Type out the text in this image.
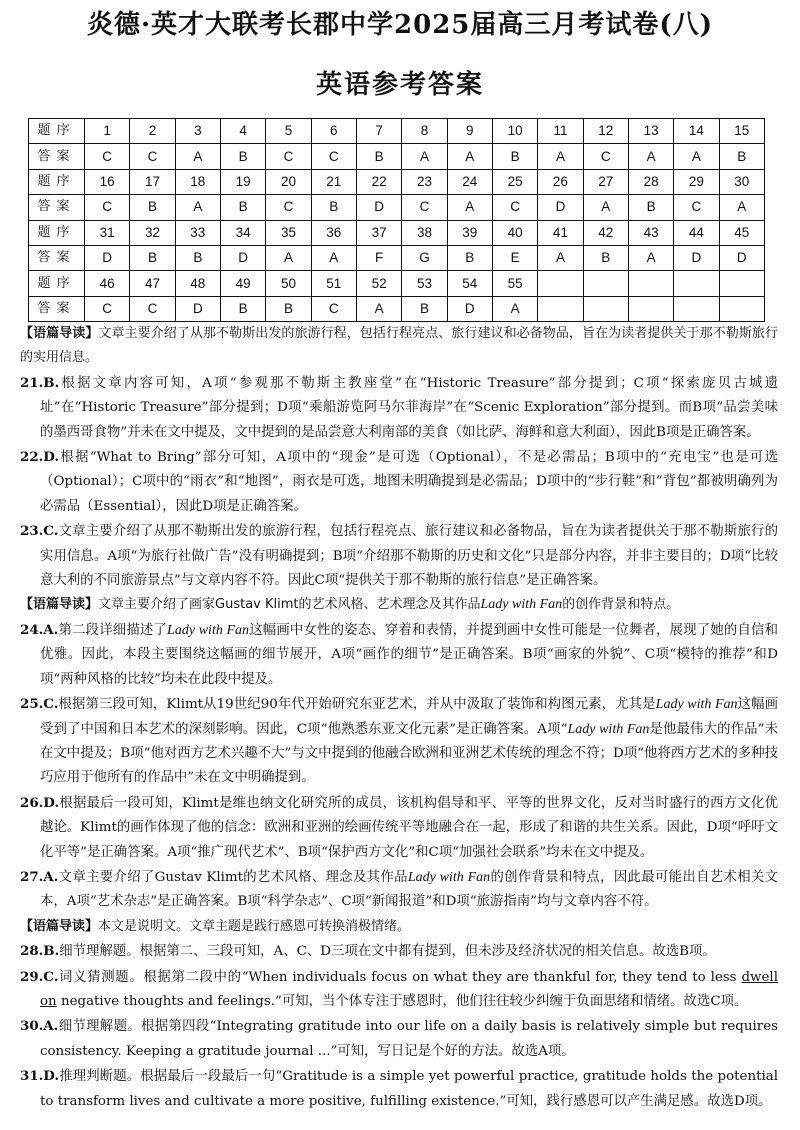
炎德·英才大联考长郡中学2025届高三月考试卷(八)
英语参考答案
题序	1	2	3	4	5	6	7	8	9	10	11	12	13	14	15
答案	C	C	A	B	C	C	B	A	A	B	A	C	A	A	B
题序	16	17	18	19	20	21	22	23	24	25	26	27	28	29	30
答案	C	B	A	B	C	B	D	C	A	C	D	A	B	C	A
题序	31	32	33	34	35	36	37	38	39	40	41	42	43	44	45
答案	D	B	B	D	A	A	F	G	B	E	A	B	A	D	D
题序	46	47	48	49	50	51	52	53	54	55					
答案	C	C	D	B	B	C	A	B	D	A					
【语篇导读】文章主要介绍了从那不勒斯出发的旅游行程，包括行程亮点、旅行建议和必备物品，旨在为读者提供关于那不勒斯旅行的实用信息。
21.B.根据文章内容可知，A项“参观那不勒斯主教座堂”在“Historic Treasure”部分提到；C项“探索庞贝古城遗址”在“Historic Treasure”部分提到；D项“乘船游览阿马尔菲海岸”在“Scenic Exploration”部分提到。而B项“品尝美味的墨西哥食物”并未在文中提及，文中提到的是品尝意大利南部的美食（如比萨、海鲜和意大利面），因此B项是正确答案。
22.D.根据“What to Bring”部分可知，A项中的“现金”是可选（Optional），不是必需品；B项中的“充电宝”也是可选（Optional）；C项中的“雨衣”和“地图”，雨衣是可选，地图未明确提到是必需品；D项中的“步行鞋”和“背包”都被明确列为必需品（Essential），因此D项是正确答案。
23.C.文章主要介绍了从那不勒斯出发的旅游行程，包括行程亮点、旅行建议和必备物品，旨在为读者提供关于那不勒斯旅行的实用信息。A项“为旅行社做广告”没有明确提到；B项“介绍那不勒斯的历史和文化”只是部分内容，并非主要目的；D项“比较意大利的不同旅游景点”与文章内容不符。因此C项“提供关于那不勒斯的旅行信息”是正确答案。
【语篇导读】文章主要介绍了画家Gustav Klimt的艺术风格、艺术理念及其作品Lady with Fan的创作背景和特点。
24.A.第二段详细描述了Lady with Fan这幅画中女性的姿态、穿着和表情，并提到画中女性可能是一位舞者，展现了她的自信和优雅。因此，本段主要围绕这幅画的细节展开，A项“画作的细节”是正确答案。B项“画家的外貌”、C项“模特的推荐”和D项“两种风格的比较”均未在此段中提及。
25.C.根据第三段可知，Klimt从19世纪90年代开始研究东亚艺术，并从中汲取了装饰和构图元素，尤其是Lady with Fan这幅画受到了中国和日本艺术的深刻影响。因此，C项“他熟悉东亚文化元素”是正确答案。A项“Lady with Fan是他最伟大的作品”未在文中提及；B项“他对西方艺术兴趣不大”与文中提到的他融合欧洲和亚洲艺术传统的理念不符；D项“他将西方艺术的多种技巧应用于他所有的作品中”未在文中明确提到。
26.D.根据最后一段可知，Klimt是维也纳文化研究所的成员，该机构倡导和平、平等的世界文化，反对当时盛行的西方文化优越论。Klimt的画作体现了他的信念：欧洲和亚洲的绘画传统平等地融合在一起，形成了和谐的共生关系。因此，D项“呼吁文化平等”是正确答案。A项“推广现代艺术”、B项“保护西方文化”和C项“加强社会联系”均未在文中提及。
27.A.文章主要介绍了Gustav Klimt的艺术风格、理念及其作品Lady with Fan的创作背景和特点，因此最可能出自艺术相关文本，A项“艺术杂志”是正确答案。B项“科学杂志”、C项“新闻报道”和D项“旅游指南”均与文章内容不符。
【语篇导读】本文是说明文。文章主题是践行感恩可转换消极情绪。
28.B.细节理解题。根据第二、三段可知，A、C、D三项在文中都有提到，但未涉及经济状况的相关信息。故选B项。
29.C.词义猜测题。根据第二段中的“When individuals focus on what they are thankful for, they tend to less dwell on negative thoughts and feelings.”可知，当个体专注于感恩时，他们往往较少纠缠于负面思绪和情绪。故选C项。
30.A.细节理解题。根据第四段“Integrating gratitude into our life on a daily basis is relatively simple but requires consistency. Keeping a gratitude journal ...”可知，写日记是个好的方法。故选A项。
31.D.推理判断题。根据最后一段最后一句“Gratitude is a simple yet powerful practice, gratitude holds the potential to transform lives and cultivate a more positive, fulfilling existence.”可知，践行感恩可以产生满足感。故选D项。
